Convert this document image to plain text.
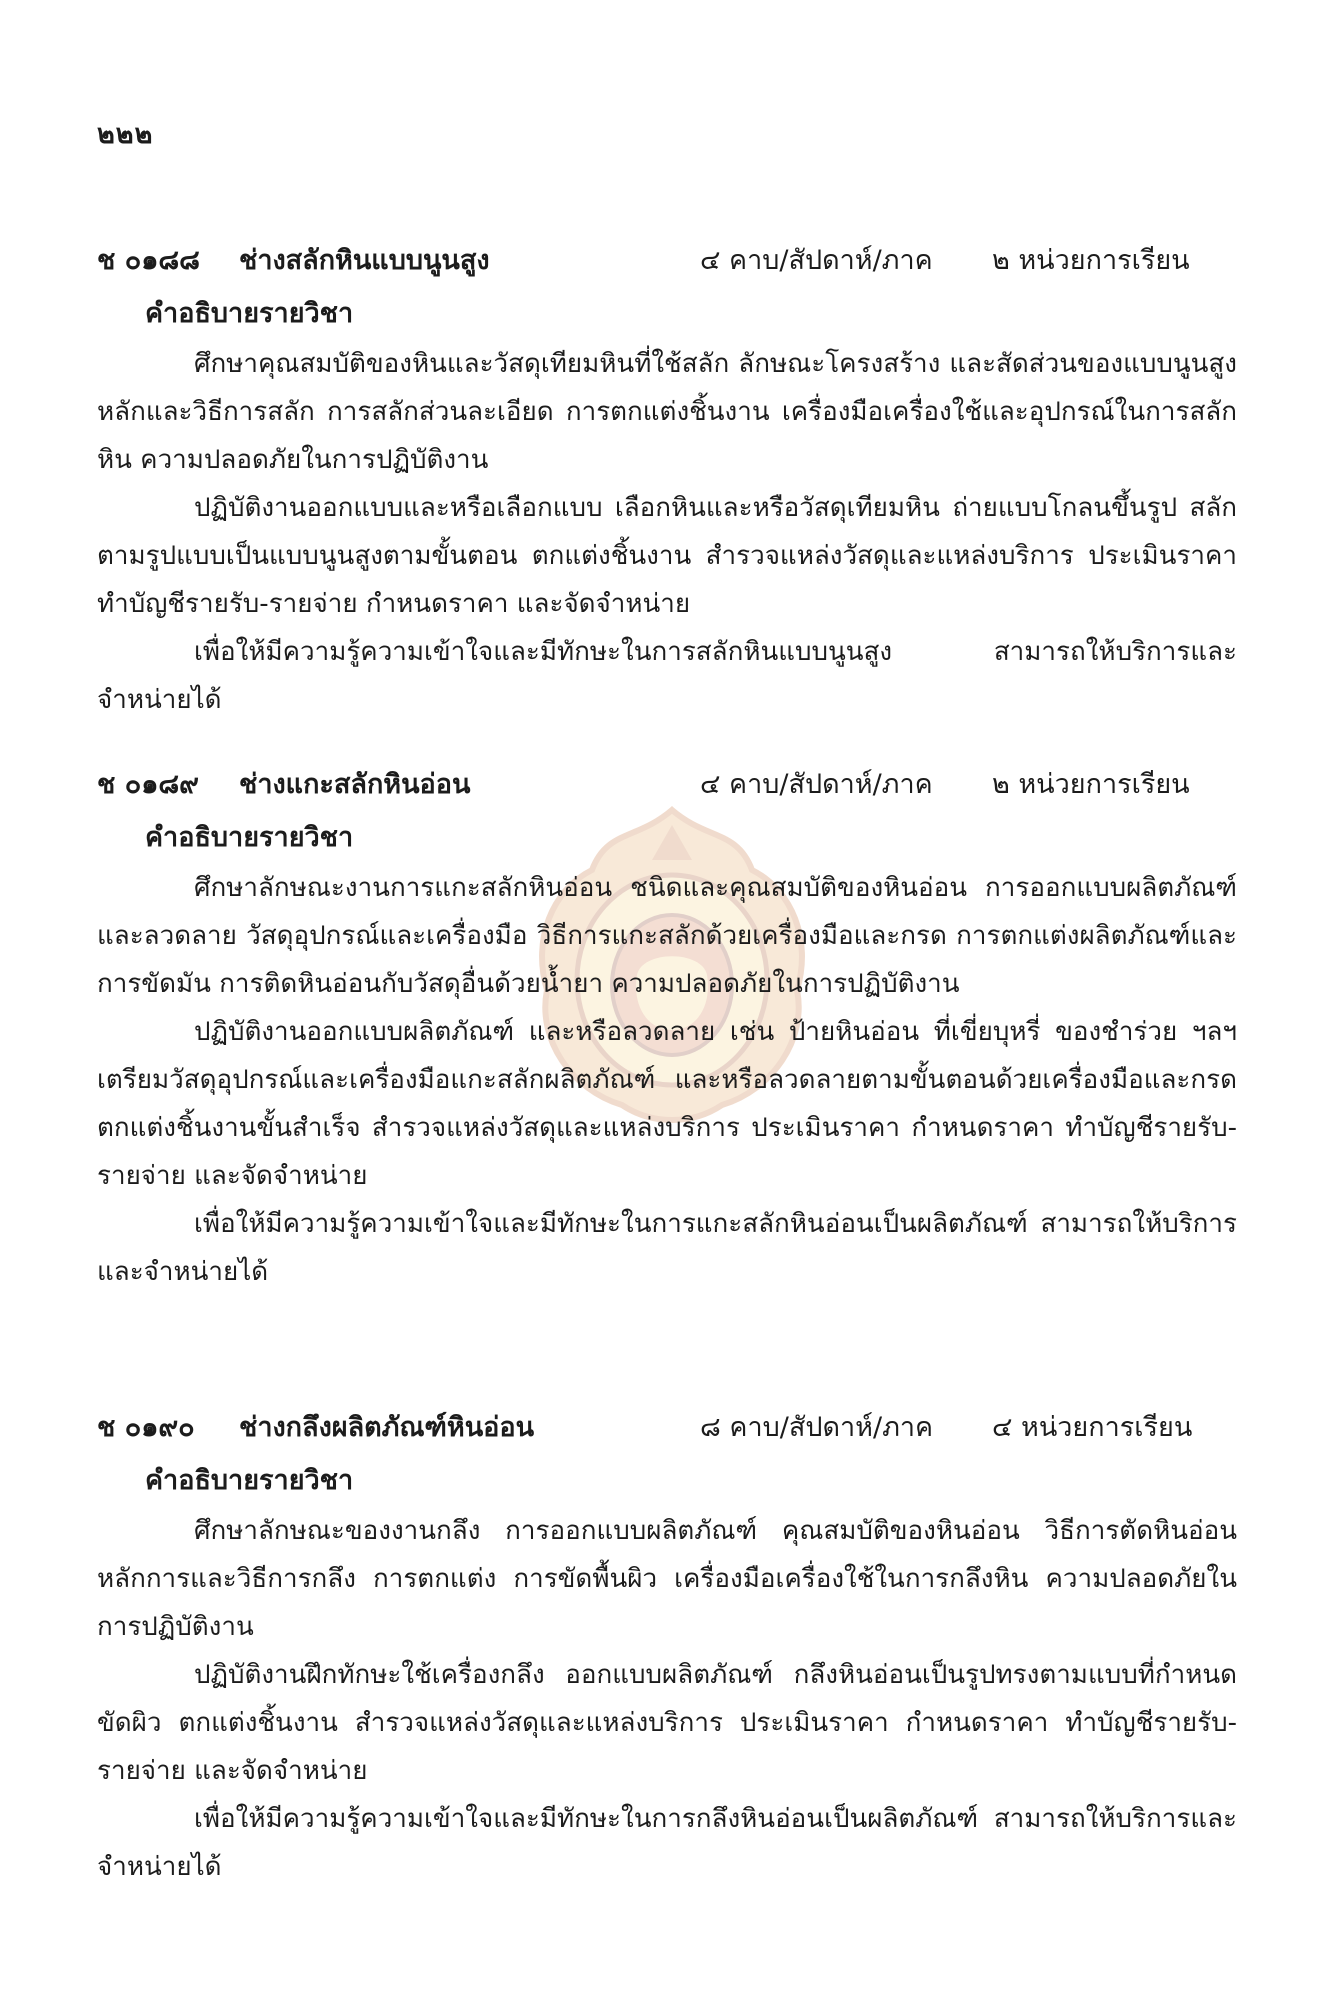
๒๒๒
ช ๐๑๘๘ ช่างสลักหินแบบนูนสูง	๔ คาบ/สัปดาห์/ภาค ๒ หน่วยการเรียน
คำอธิบายรายวิชา

ศึกษาคุณสมบัติของหินและวัสดุเทียมหินที่ใช้สลัก ลักษณะโครงสร้าง และสัดส่วนของแบบนูนสูง หลักและวิธีการสลัก การสลักส่วนละเอียด การตกแต่งชิ้นงาน เครื่องมือเครื่องใช้และอุปกรณ์ในการสลักหิน ความปลอดภัยในการปฏิบัติงาน

ปฏิบัติงานออกแบบและหรือเลือกแบบ เลือกหินและหรือวัสดุเทียมหิน ถ่ายแบบโกลนขึ้นรูป สลักตามรูปแบบเป็นแบบนูนสูงตามขั้นตอน ตกแต่งชิ้นงาน สำรวจแหล่งวัสดุและแหล่งบริการ ประเมินราคา ทำบัญชีรายรับ-รายจ่าย กำหนดราคา และจัดจำหน่าย

เพื่อให้มีความรู้ความเข้าใจและมีทักษะในการสลักหินแบบนูนสูง สามารถให้บริการและจำหน่ายได้

ช ๐๑๘๙ ช่างแกะสลักหินอ่อน	๔ คาบ/สัปดาห์/ภาค ๒ หน่วยการเรียน
คำอธิบายรายวิชา

ศึกษาลักษณะงานการแกะสลักหินอ่อน ชนิดและคุณสมบัติของหินอ่อน การออกแบบผลิตภัณฑ์ และลวดลาย วัสดุอุปกรณ์และเครื่องมือ วิธีการแกะสลักด้วยเครื่องมือและกรด การตกแต่งผลิตภัณฑ์และการขัดมัน การติดหินอ่อนกับวัสดุอื่นด้วยน้ำยา ความปลอดภัยในการปฏิบัติงาน

ปฏิบัติงานออกแบบผลิตภัณฑ์ และหรือลวดลาย เช่น ป้ายหินอ่อน ที่เขี่ยบุหรี่ ของชำร่วย ฯลฯ เตรียมวัสดุอุปกรณ์และเครื่องมือแกะสลักผลิตภัณฑ์ และหรือลวดลายตามขั้นตอนด้วยเครื่องมือและกรด ตกแต่งชิ้นงานขั้นสำเร็จ สำรวจแหล่งวัสดุและแหล่งบริการ ประเมินราคา กำหนดราคา ทำบัญชีรายรับ-รายจ่าย และจัดจำหน่าย

เพื่อให้มีความรู้ความเข้าใจและมีทักษะในการแกะสลักหินอ่อนเป็นผลิตภัณฑ์ สามารถให้บริการและจำหน่ายได้

ช ๐๑๙๐ ช่างกลึงผลิตภัณฑ์หินอ่อน	๘ คาบ/สัปดาห์/ภาค ๔ หน่วยการเรียน
คำอธิบายรายวิชา

ศึกษาลักษณะของงานกลึง การออกแบบผลิตภัณฑ์ คุณสมบัติของหินอ่อน วิธีการตัดหินอ่อน หลักการและวิธีการกลึง การตกแต่ง การขัดพื้นผิว เครื่องมือเครื่องใช้ในการกลึงหิน ความปลอดภัยในการปฏิบัติงาน

ปฏิบัติงานฝึกทักษะใช้เครื่องกลึง ออกแบบผลิตภัณฑ์ กลึงหินอ่อนเป็นรูปทรงตามแบบที่กำหนด ขัดผิว ตกแต่งชิ้นงาน สำรวจแหล่งวัสดุและแหล่งบริการ ประเมินราคา กำหนดราคา ทำบัญชีรายรับ-รายจ่าย และจัดจำหน่าย

เพื่อให้มีความรู้ความเข้าใจและมีทักษะในการกลึงหินอ่อนเป็นผลิตภัณฑ์ สามารถให้บริการและจำหน่ายได้
